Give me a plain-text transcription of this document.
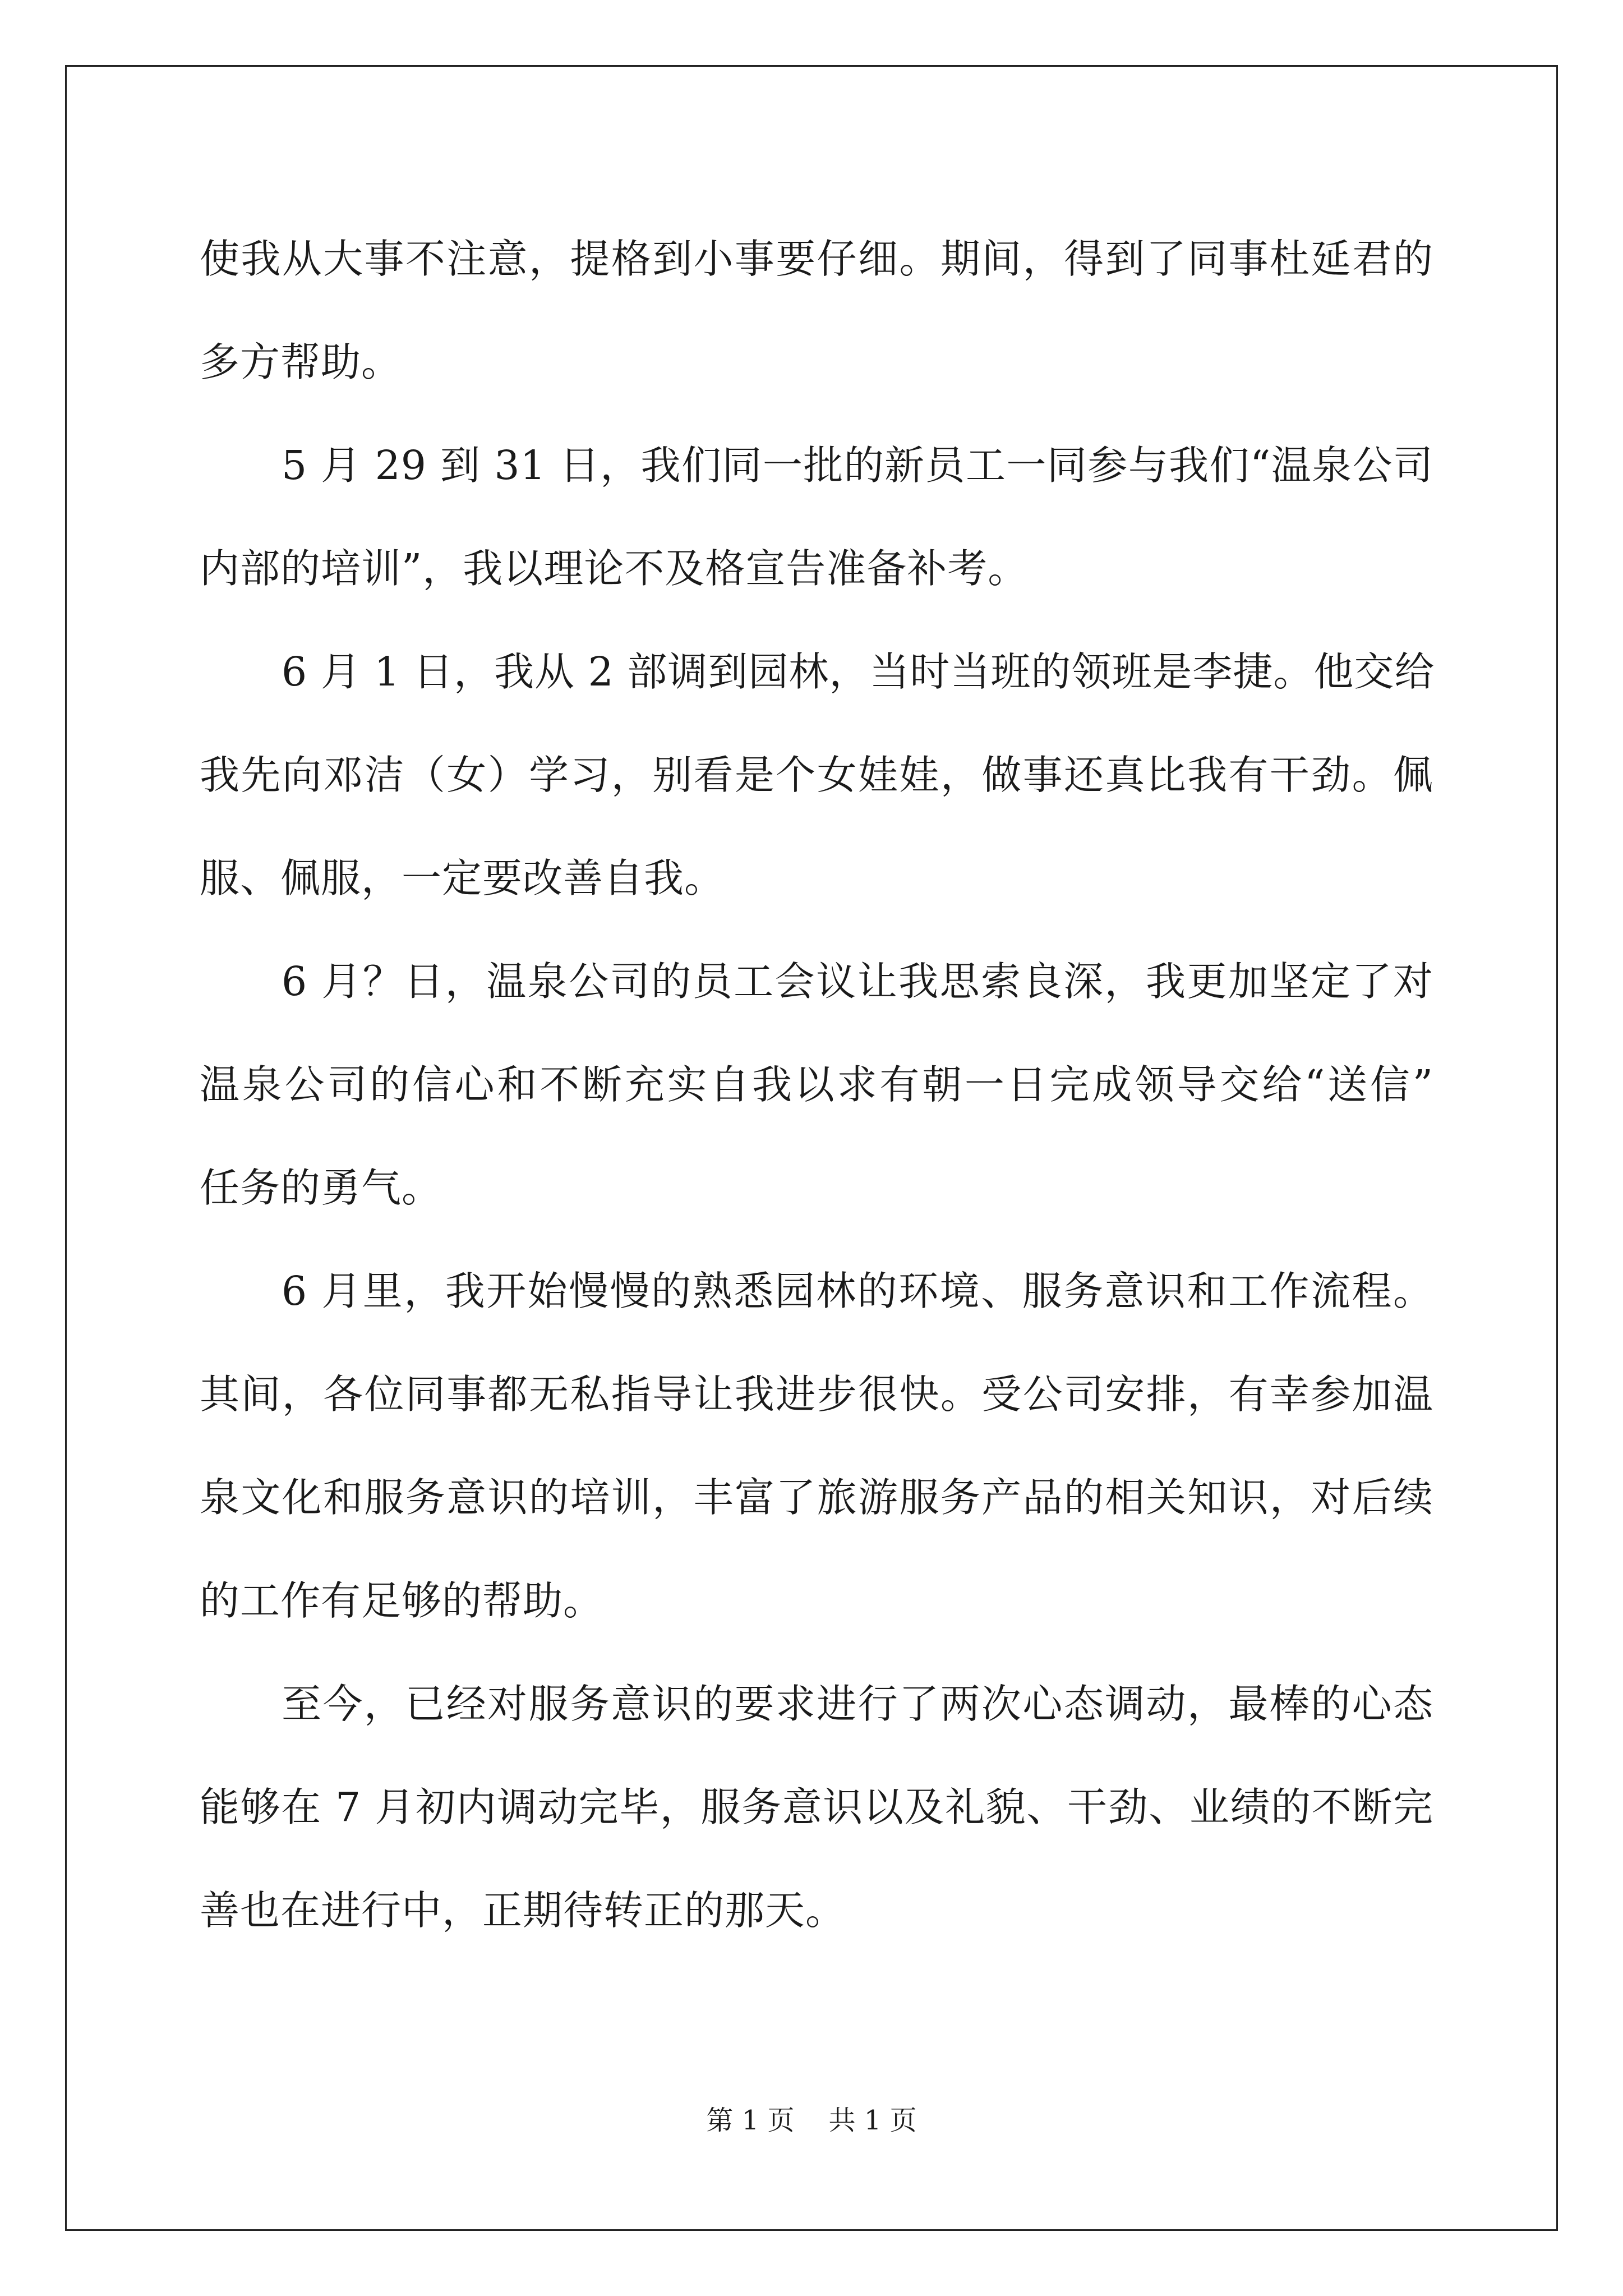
使我从大事不注意，提格到小事要仔细。期间，得到了同事杜延君的
多方帮助。
5 月 29 到 31 日，我们同一批的新员工一同参与我们“温泉公司
内部的培训”，我以理论不及格宣告准备补考。
6 月 1 日，我从 2 部调到园林，当时当班的领班是李捷。他交给
我先向邓洁（女）学习，别看是个女娃娃，做事还真比我有干劲。佩
服、佩服，一定要改善自我。
6 月？日，温泉公司的员工会议让我思索良深，我更加坚定了对
温泉公司的信心和不断充实自我以求有朝一日完成领导交给“送信”
任务的勇气。
6 月里，我开始慢慢的熟悉园林的环境、服务意识和工作流程。
其间，各位同事都无私指导让我进步很快。受公司安排，有幸参加温
泉文化和服务意识的培训，丰富了旅游服务产品的相关知识，对后续
的工作有足够的帮助。
至今，已经对服务意识的要求进行了两次心态调动，最棒的心态
能够在 7 月初内调动完毕，服务意识以及礼貌、干劲、业绩的不断完
善也在进行中，正期待转正的那天。
第 1 页    共 1 页
